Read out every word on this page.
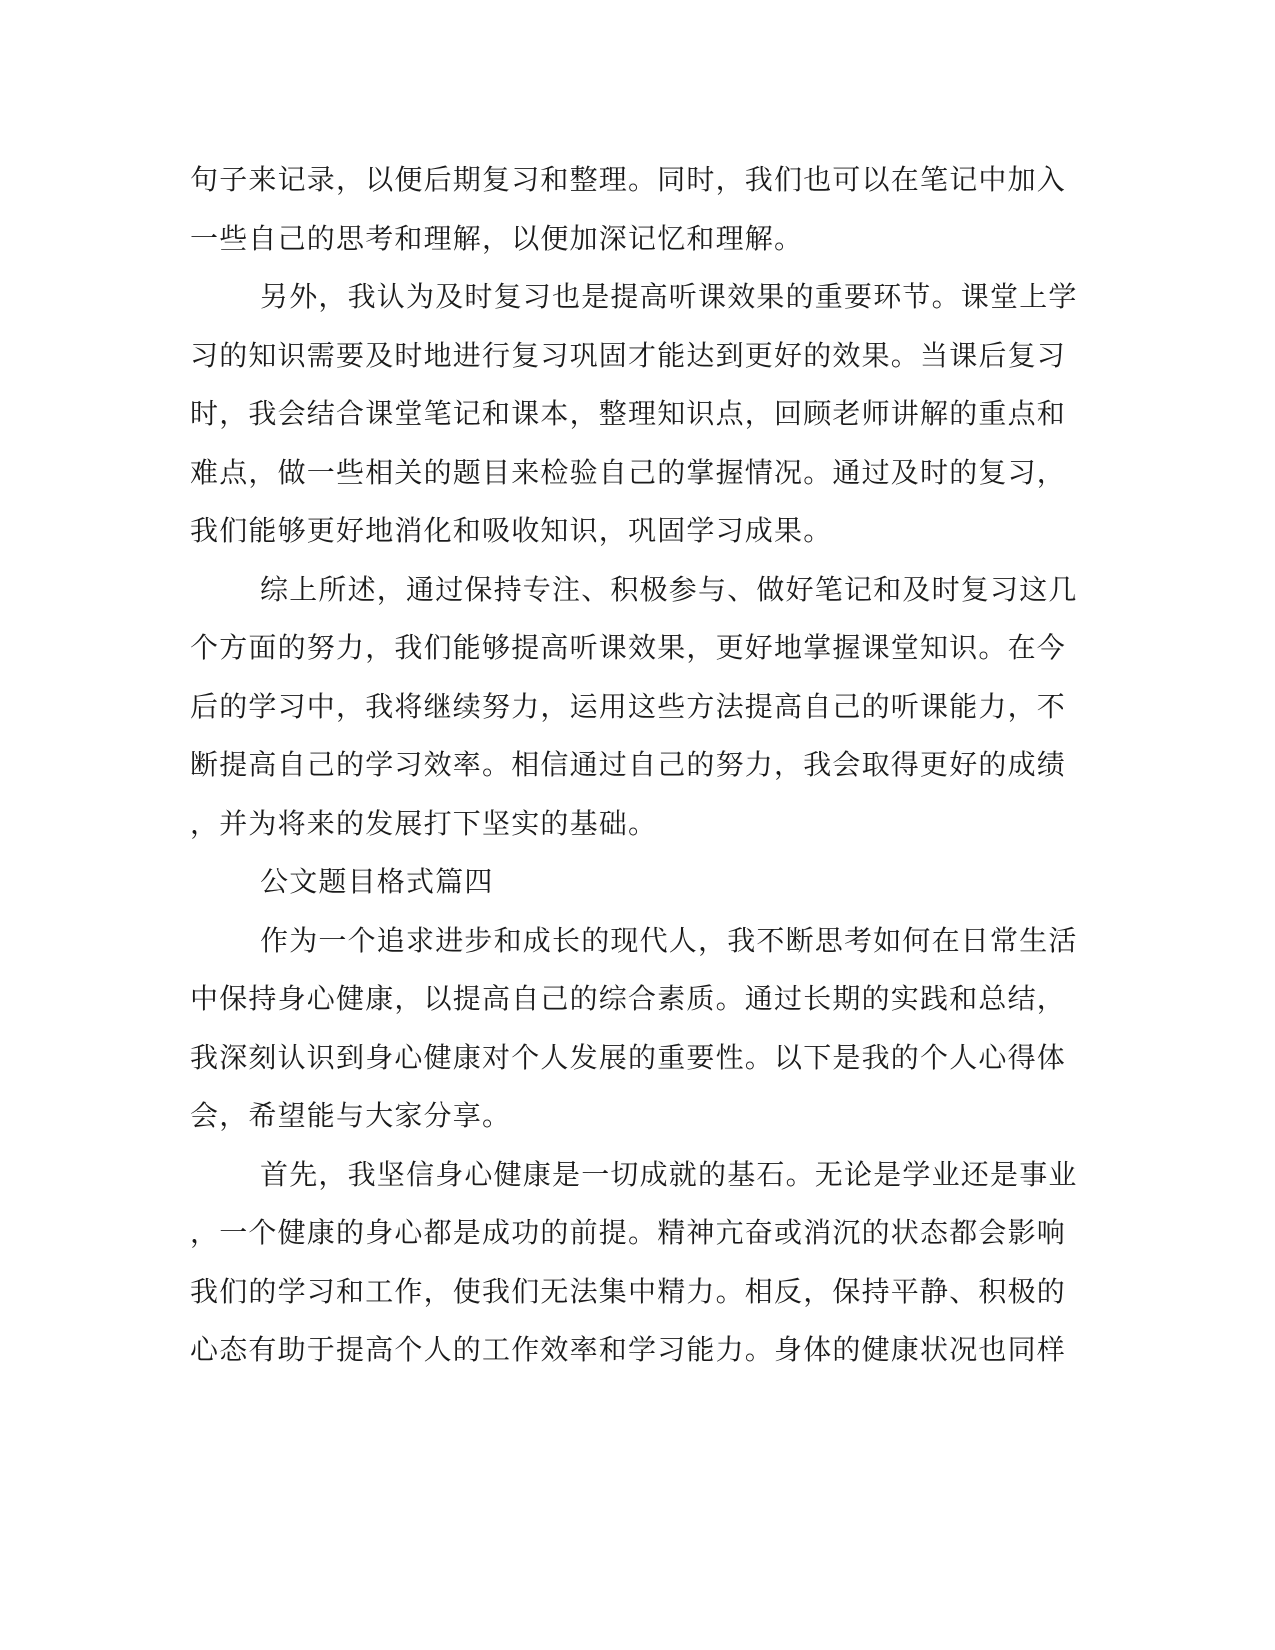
句子来记录，以便后期复习和整理。同时，我们也可以在笔记中加入
一些自己的思考和理解，以便加深记忆和理解。
另外，我认为及时复习也是提高听课效果的重要环节。课堂上学
习的知识需要及时地进行复习巩固才能达到更好的效果。当课后复习
时，我会结合课堂笔记和课本，整理知识点，回顾老师讲解的重点和
难点，做一些相关的题目来检验自己的掌握情况。通过及时的复习，
我们能够更好地消化和吸收知识，巩固学习成果。
综上所述，通过保持专注、积极参与、做好笔记和及时复习这几
个方面的努力，我们能够提高听课效果，更好地掌握课堂知识。在今
后的学习中，我将继续努力，运用这些方法提高自己的听课能力，不
断提高自己的学习效率。相信通过自己的努力，我会取得更好的成绩
，并为将来的发展打下坚实的基础。
公文题目格式篇四
作为一个追求进步和成长的现代人，我不断思考如何在日常生活
中保持身心健康，以提高自己的综合素质。通过长期的实践和总结，
我深刻认识到身心健康对个人发展的重要性。以下是我的个人心得体
会，希望能与大家分享。
首先，我坚信身心健康是一切成就的基石。无论是学业还是事业
，一个健康的身心都是成功的前提。精神亢奋或消沉的状态都会影响
我们的学习和工作，使我们无法集中精力。相反，保持平静、积极的
心态有助于提高个人的工作效率和学习能力。身体的健康状况也同样
